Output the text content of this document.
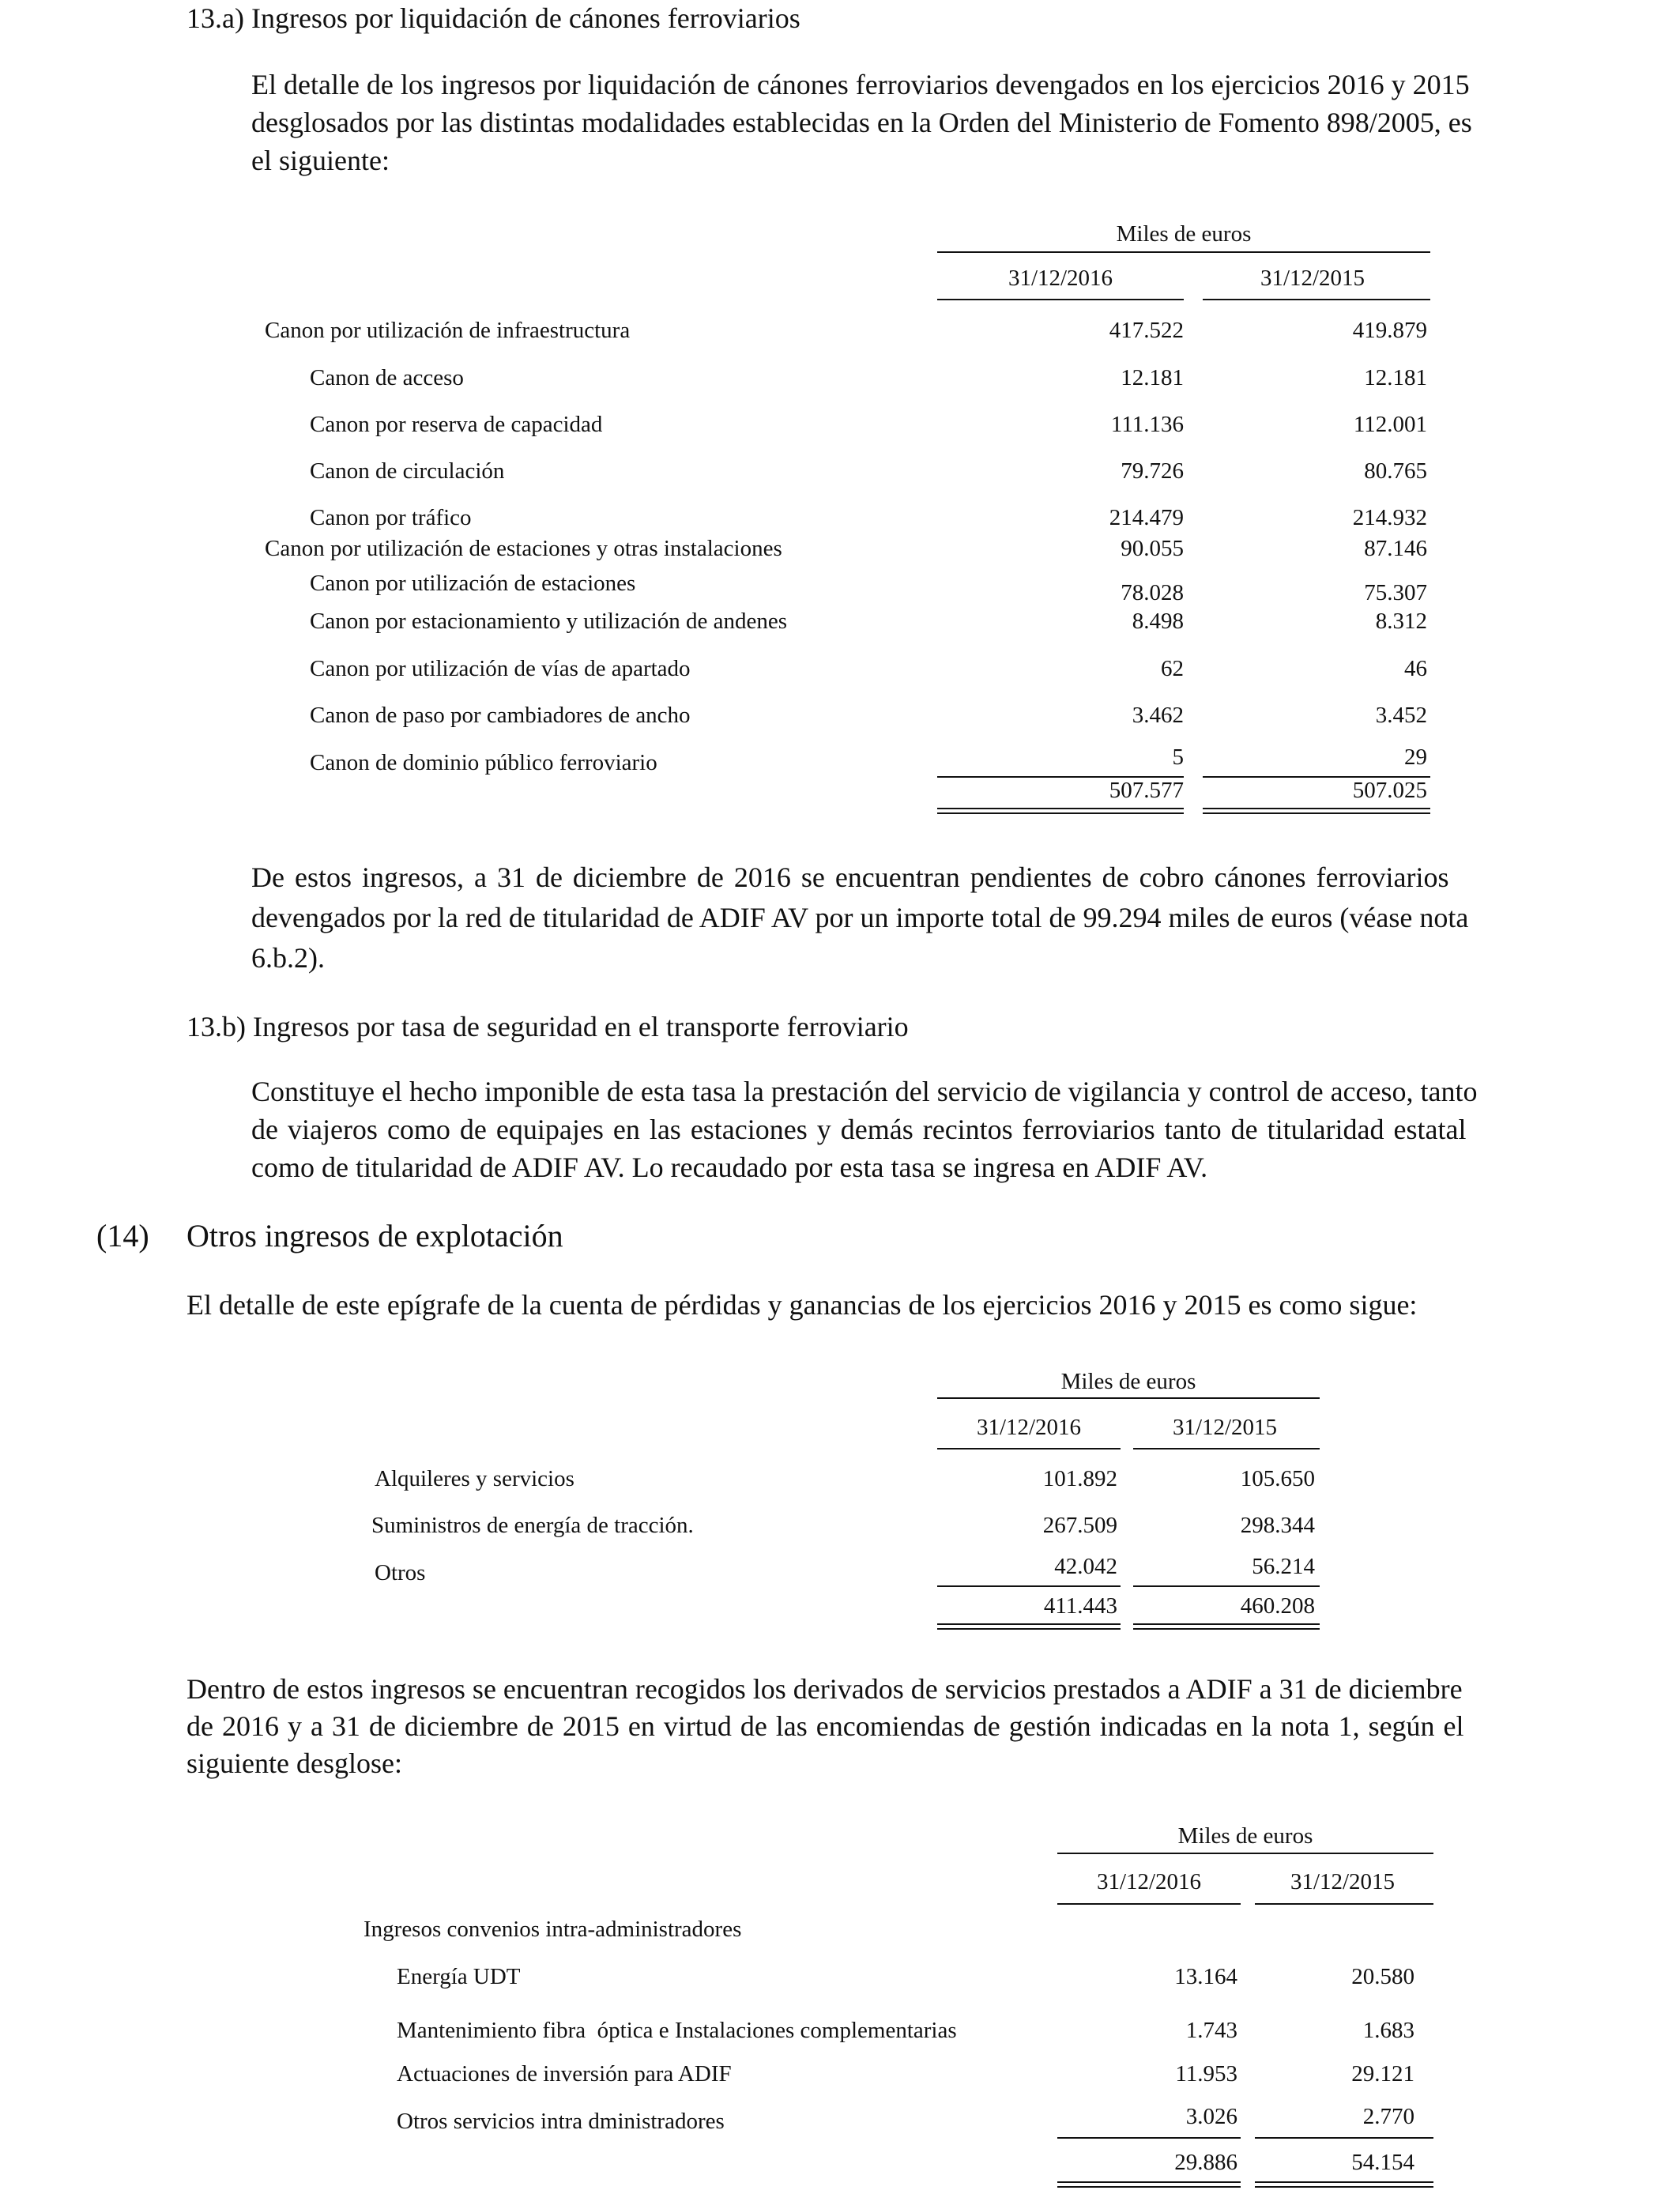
13.a) Ingresos por liquidación de cánones ferroviarios
El detalle de los ingresos por liquidación de cánones ferroviarios devengados en los ejercicios 2016 y 2015
desglosados por las distintas modalidades establecidas en la Orden del Ministerio de Fomento 898/2005, es
el siguiente:
Miles de euros
31/12/2016	31/12/2015
Canon por utilización de infraestructura	417.522	419.879
Canon de acceso	12.181	12.181
Canon por reserva de capacidad	111.136	112.001
Canon de circulación	79.726	80.765
Canon por tráfico	214.479	214.932
Canon por utilización de estaciones y otras instalaciones	90.055	87.146
Canon por utilización de estaciones	78.028	75.307
Canon por estacionamiento y utilización de andenes	8.498	8.312
Canon por utilización de vías de apartado	62	46
Canon de paso por cambiadores de ancho	3.462	3.452
Canon de dominio público ferroviario	5	29
507.577	507.025
De estos ingresos, a 31 de diciembre de 2016 se encuentran pendientes de cobro cánones ferroviarios
devengados por la red de titularidad de ADIF AV por un importe total de 99.294 miles de euros (véase nota
6.b.2).
13.b) Ingresos por tasa de seguridad en el transporte ferroviario
Constituye el hecho imponible de esta tasa la prestación del servicio de vigilancia y control de acceso, tanto
de viajeros como de equipajes en las estaciones y demás recintos ferroviarios tanto de titularidad estatal
como de titularidad de ADIF AV. Lo recaudado por esta tasa se ingresa en ADIF AV.
(14) Otros ingresos de explotación
El detalle de este epígrafe de la cuenta de pérdidas y ganancias de los ejercicios 2016 y 2015 es como sigue:
Miles de euros
31/12/2016	31/12/2015
Alquileres y servicios	101.892	105.650
Suministros de energía de tracción.	267.509	298.344
Otros	42.042	56.214
411.443	460.208
Dentro de estos ingresos se encuentran recogidos los derivados de servicios prestados a ADIF a 31 de diciembre
de 2016 y a 31 de diciembre de 2015 en virtud de las encomiendas de gestión indicadas en la nota 1, según el
siguiente desglose:
Miles de euros
31/12/2016	31/12/2015
Ingresos convenios intra-administradores
Energía UDT	13.164	20.580
Mantenimiento fibra  óptica e Instalaciones complementarias	1.743	1.683
Actuaciones de inversión para ADIF	11.953	29.121
Otros servicios intra dministradores	3.026	2.770
29.886	54.154
